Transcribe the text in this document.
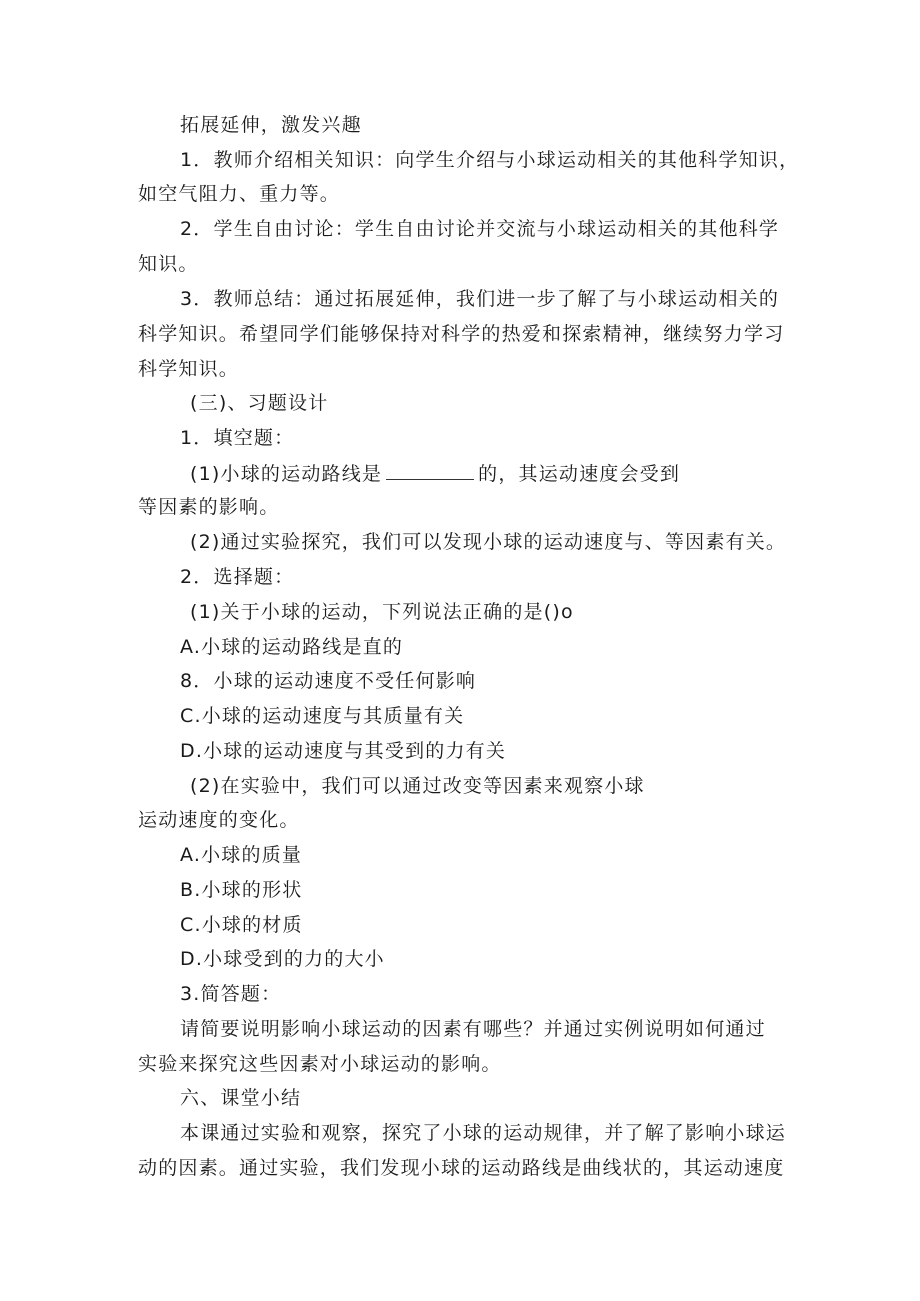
拓展延伸，激发兴趣
1．教师介绍相关知识：向学生介绍与小球运动相关的其他科学知识，
如空气阻力、重力等。
2．学生自由讨论：学生自由讨论并交流与小球运动相关的其他科学
知识。
3．教师总结：通过拓展延伸，我们进一步了解了与小球运动相关的
科学知识。希望同学们能够保持对科学的热爱和探索精神，继续努力学习
科学知识。
(三)、习题设计
1．填空题：
(1)小球的运动路线是	的，其运动速度会受到
等因素的影响。
(2)通过实验探究，我们可以发现小球的运动速度与、等因素有关。
2．选择题：
(1)关于小球的运动，下列说法正确的是()o
A.小球的运动路线是直的
8．小球的运动速度不受任何影响
C.小球的运动速度与其质量有关
D.小球的运动速度与其受到的力有关
(2)在实验中，我们可以通过改变等因素来观察小球
运动速度的变化。
A.小球的质量
B.小球的形状
C.小球的材质
D.小球受到的力的大小
3.简答题：
请简要说明影响小球运动的因素有哪些？并通过实例说明如何通过
实验来探究这些因素对小球运动的影响。
六、课堂小结
本课通过实验和观察，探究了小球的运动规律，并了解了影响小球运
动的因素。通过实验，我们发现小球的运动路线是曲线状的，其运动速度
